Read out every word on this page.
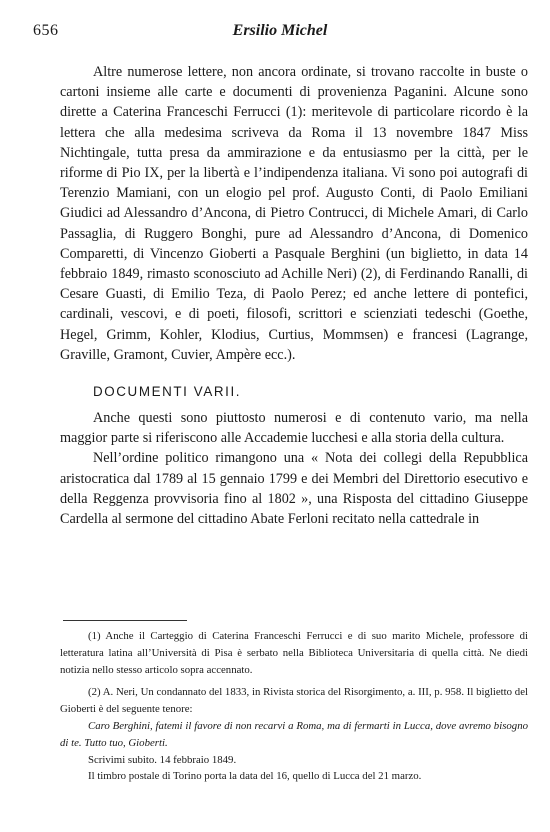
656	Ersilio Michel

Altre numerose lettere, non ancora ordinate, si trovano raccolte in buste o cartoni insieme alle carte e documenti di provenienza Paganini. Alcune sono dirette a Caterina Franceschi Ferrucci (1): meritevole di particolare ricordo è la lettera che alla medesima scriveva da Roma il 13 novembre 1847 Miss Nichtingale, tutta presa da ammirazione e da entusiasmo per la città, per le riforme di Pio IX, per la libertà e l’indipendenza italiana. Vi sono poi autografi di Terenzio Mamiani, con un elogio pel prof. Augusto Conti, di Paolo Emiliani Giudici ad Alessandro d’Ancona, di Pietro Contrucci, di Michele Amari, di Carlo Passaglia, di Ruggero Bonghi, pure ad Alessandro d’Ancona, di Domenico Comparetti, di Vincenzo Gioberti a Pasquale Berghini (un biglietto, in data 14 febbraio 1849, rimasto sconosciuto ad Achille Neri) (2), di Ferdinando Ranalli, di Cesare Guasti, di Emilio Teza, di Paolo Perez; ed anche lettere di pontefici, cardinali, vescovi, e di poeti, filosofi, scrittori e scienziati tedeschi (Goethe, Hegel, Grimm, Kohler, Klodius, Curtius, Mommsen) e francesi (Lagrange, Graville, Gramont, Cuvier, Ampère ecc.).

DOCUMENTI VARII.

Anche questi sono piuttosto numerosi e di contenuto vario, ma nella maggior parte si riferiscono alle Accademie lucchesi e alla storia della cultura.

Nell’ordine politico rimangono una « Nota dei collegi della Repubblica aristocratica dal 1789 al 15 gennaio 1799 e dei Membri del Direttorio esecutivo e della Reggenza provvisoria fino al 1802 », una Risposta del cittadino Giuseppe Cardella al sermone del cittadino Abate Ferloni recitato nella cattedrale in

(1) Anche il Carteggio di Caterina Franceschi Ferrucci e di suo marito Michele, professore di letteratura latina all’Università di Pisa è serbato nella Biblioteca Universitaria di quella città. Ne diedi notizia nello stesso articolo sopra accennato.

(2) A. Neri, Un condannato del 1833, in Rivista storica del Risorgimento, a. III, p. 958. Il biglietto del Gioberti è del seguente tenore:

Caro Berghini, fatemi il favore di non recarvi a Roma, ma di fermarti in Lucca, dove avremo bisogno di te. Tutto tuo, Gioberti.

Scrivimi subito. 14 febbraio 1849.

Il timbro postale di Torino porta la data del 16, quello di Lucca del 21 marzo.
